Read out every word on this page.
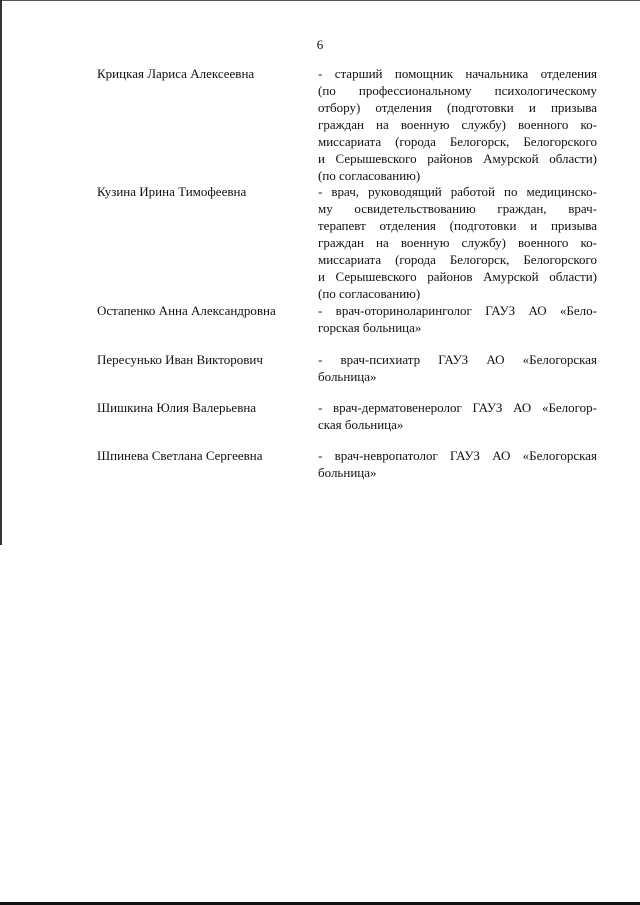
6
Крицкая Лариса Алексеевна	- старший помощник начальника отделения
(по профессиональному психологическому
отбору) отделения (подготовки и призыва
граждан на военную службу) военного ко-
миссариата (города Белогорск, Белогорского
и Серышевского районов Амурской области)
(по согласованию)
Кузина Ирина Тимофеевна	- врач, руководящий работой по медицинско-
му освидетельствованию граждан, врач-
терапевт отделения (подготовки и призыва
граждан на военную службу) военного ко-
миссариата (города Белогорск, Белогорского
и Серышевского районов Амурской области)
(по согласованию)
Остапенко Анна Александровна	- врач-оториноларинголог ГАУЗ АО «Бело-
горская больница»
Пересунько Иван Викторович	- врач-психиатр ГАУЗ АО «Белогорская
больница»
Шишкина Юлия Валерьевна	- врач-дерматовенеролог ГАУЗ АО «Белогор-
ская больница»
Шпинева Светлана Сергеевна	- врач-невропатолог ГАУЗ АО «Белогорская
больница»
